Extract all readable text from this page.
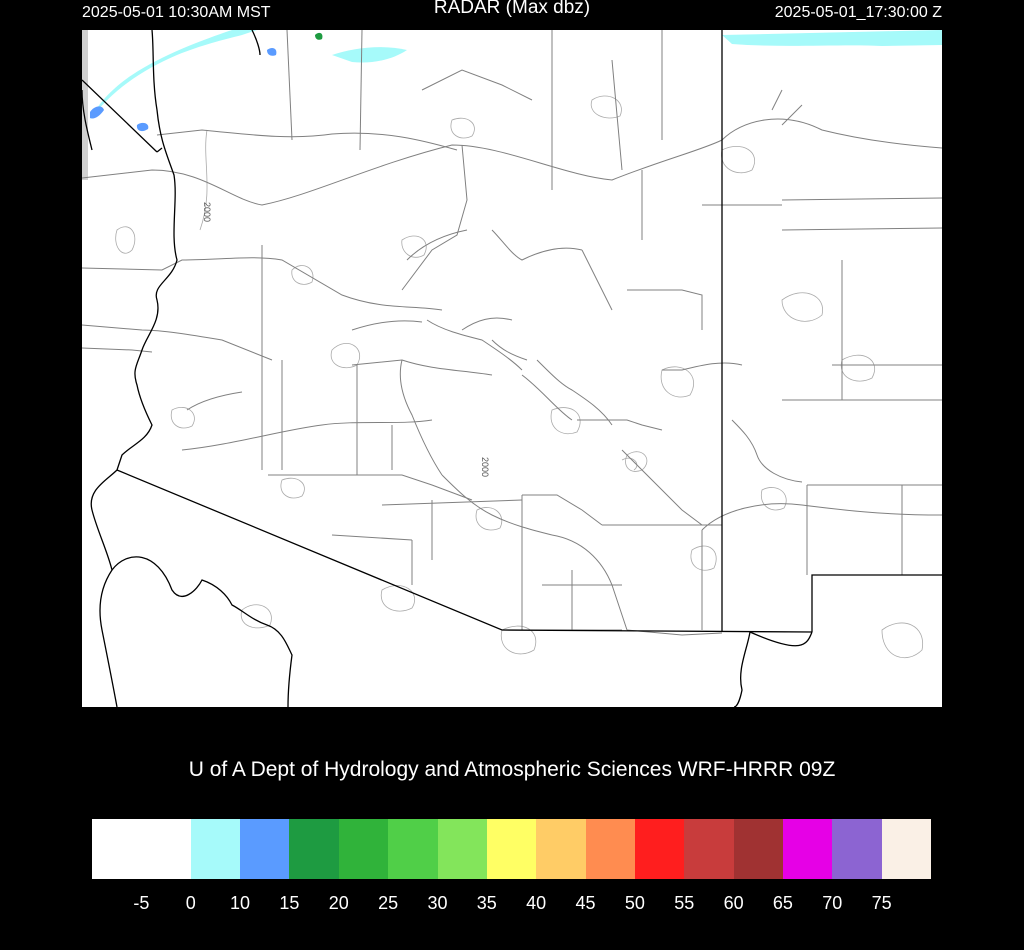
2025-05-01 10:30AM MST	RADAR (Max dbz)	2025-05-01_17:30:00 Z
2000
2000
U of A Dept of Hydrology and Atmospheric Sciences WRF-HRRR 09Z
-5 0 10 15 20 25 30 35 40 45 50 55 60 65 70 75
